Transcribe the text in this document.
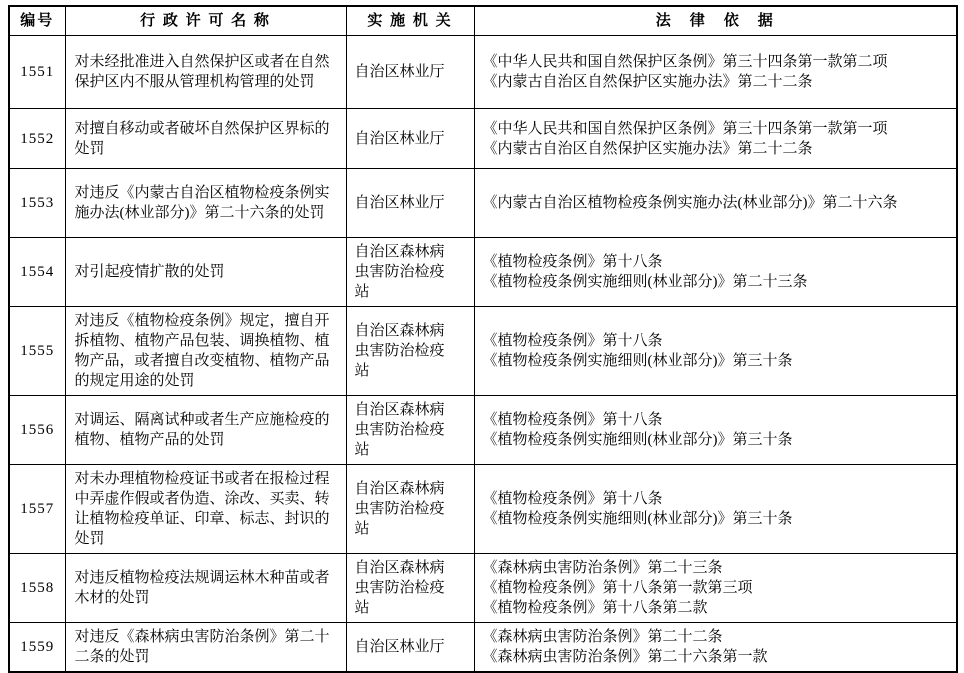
编号	行 政 许 可 名 称	实 施 机 关	法　律　依　据
1551	对未经批准进入自然保护区或者在自然保护区内不服从管理机构管理的处罚	自治区林业厅	《中华人民共和国自然保护区条例》第三十四条第一款第二项
《内蒙古自治区自然保护区实施办法》第二十二条

1552	对擅自移动或者破坏自然保护区界标的处罚	自治区林业厅	《中华人民共和国自然保护区条例》第三十四条第一款第一项
《内蒙古自治区自然保护区实施办法》第二十二条

1553	对违反《内蒙古自治区植物检疫条例实施办法(林业部分)》第二十六条的处罚	自治区林业厅	《内蒙古自治区植物检疫条例实施办法(林业部分)》第二十六条

1554	对引起疫情扩散的处罚	自治区森林病虫害防治检疫站	《植物检疫条例》第十八条
《植物检疫条例实施细则(林业部分)》第二十三条

1555	对违反《植物检疫条例》规定，擅自开拆植物、植物产品包装、调换植物、植物产品，或者擅自改变植物、植物产品的规定用途的处罚	自治区森林病虫害防治检疫站	《植物检疫条例》第十八条
《植物检疫条例实施细则(林业部分)》第三十条

1556	对调运、隔离试种或者生产应施检疫的植物、植物产品的处罚	自治区森林病虫害防治检疫站	《植物检疫条例》第十八条
《植物检疫条例实施细则(林业部分)》第三十条

1557	对未办理植物检疫证书或者在报检过程中弄虚作假或者伪造、涂改、买卖、转让植物检疫单证、印章、标志、封识的处罚	自治区森林病虫害防治检疫站	《植物检疫条例》第十八条
《植物检疫条例实施细则(林业部分)》第三十条

1558	对违反植物检疫法规调运林木种苗或者木材的处罚	自治区森林病虫害防治检疫站	《森林病虫害防治条例》第二十三条
《植物检疫条例》第十八条第一款第三项
《植物检疫条例》第十八条第二款

1559	对违反《森林病虫害防治条例》第二十二条的处罚	自治区林业厅	《森林病虫害防治条例》第二十二条
《森林病虫害防治条例》第二十六条第一款
